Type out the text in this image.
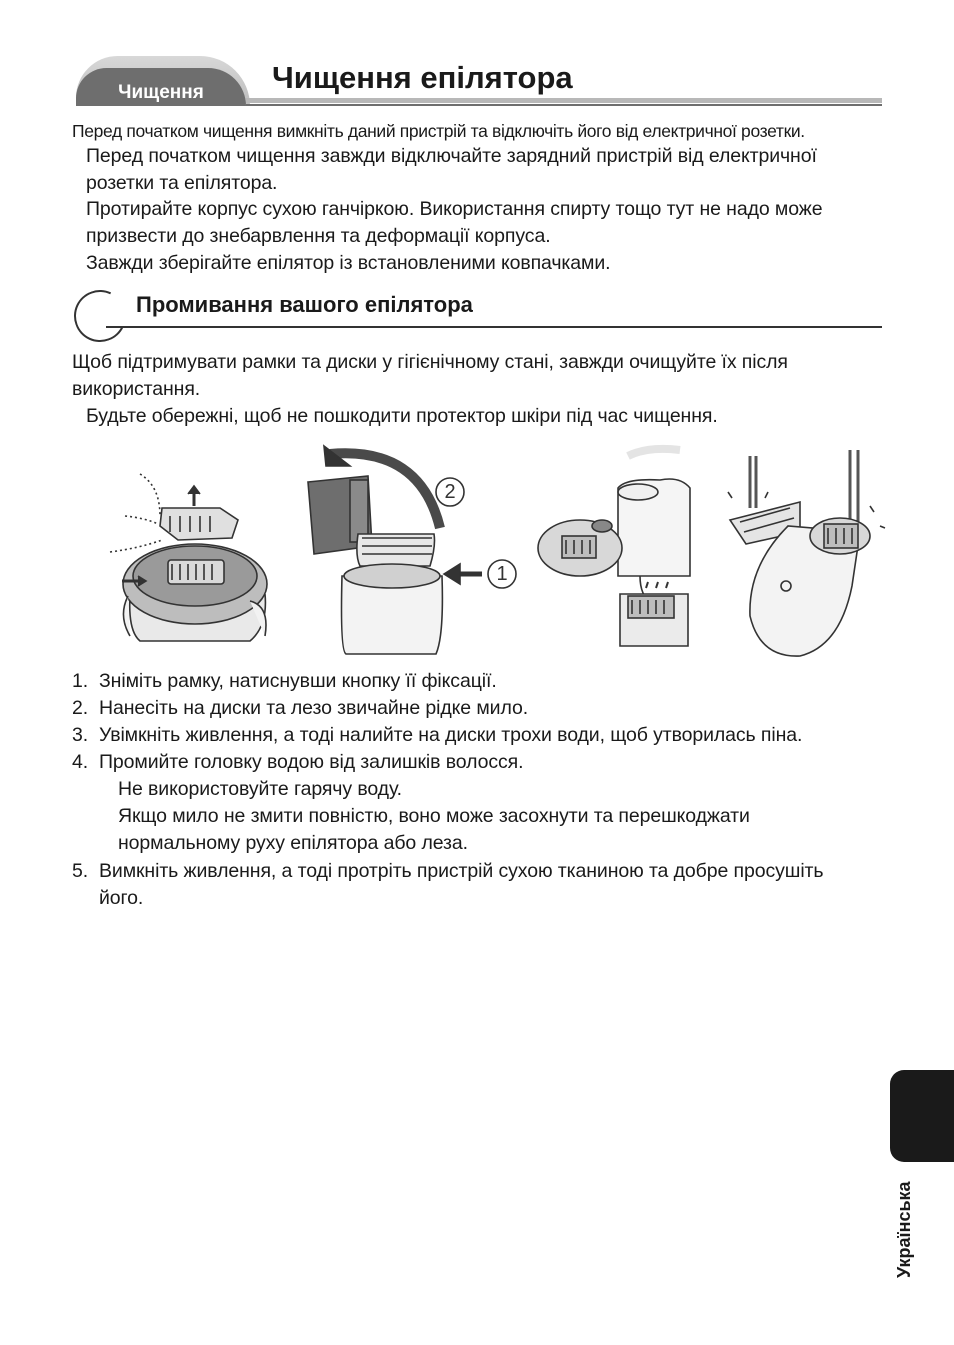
Чищення	Чищення епілятора
Перед початком чищення вимкніть даний пристрій та відключіть його від електричної розетки.
Перед початком чищення завжди відключайте зарядний пристрій від електричної
розетки та епілятора.
Протирайте корпус сухою ганчіркою. Використання спирту тощо тут не надо може
призвести до знебарвлення та деформації корпуса.
Завжди зберігайте епілятор із встановленими ковпачками.
Промивання вашого епілятора
Щоб підтримувати рамки та диски у гігієнічному стані, завжди очищуйте їх після
використання.
Будьте обережні, щоб не пошкодити протектор шкіри під час чищення.
1
2
1. Зніміть рамку, натиснувши кнопку її фіксації.
2. Нанесіть на диски та лезо звичайне рідке мило.
3. Увімкніть живлення, а тоді налийте на диски трохи води, щоб утворилась піна.
4. Промийте головку водою від залишків волосся.
Не використовуйте гарячу воду.
Якщо мило не змити повністю, воно може засохнути та перешкоджати
нормальному руху епілятора або леза.
5. Вимкніть живлення, а тоді протріть пристрій сухою тканиною та добре просушіть
його.
Українська
